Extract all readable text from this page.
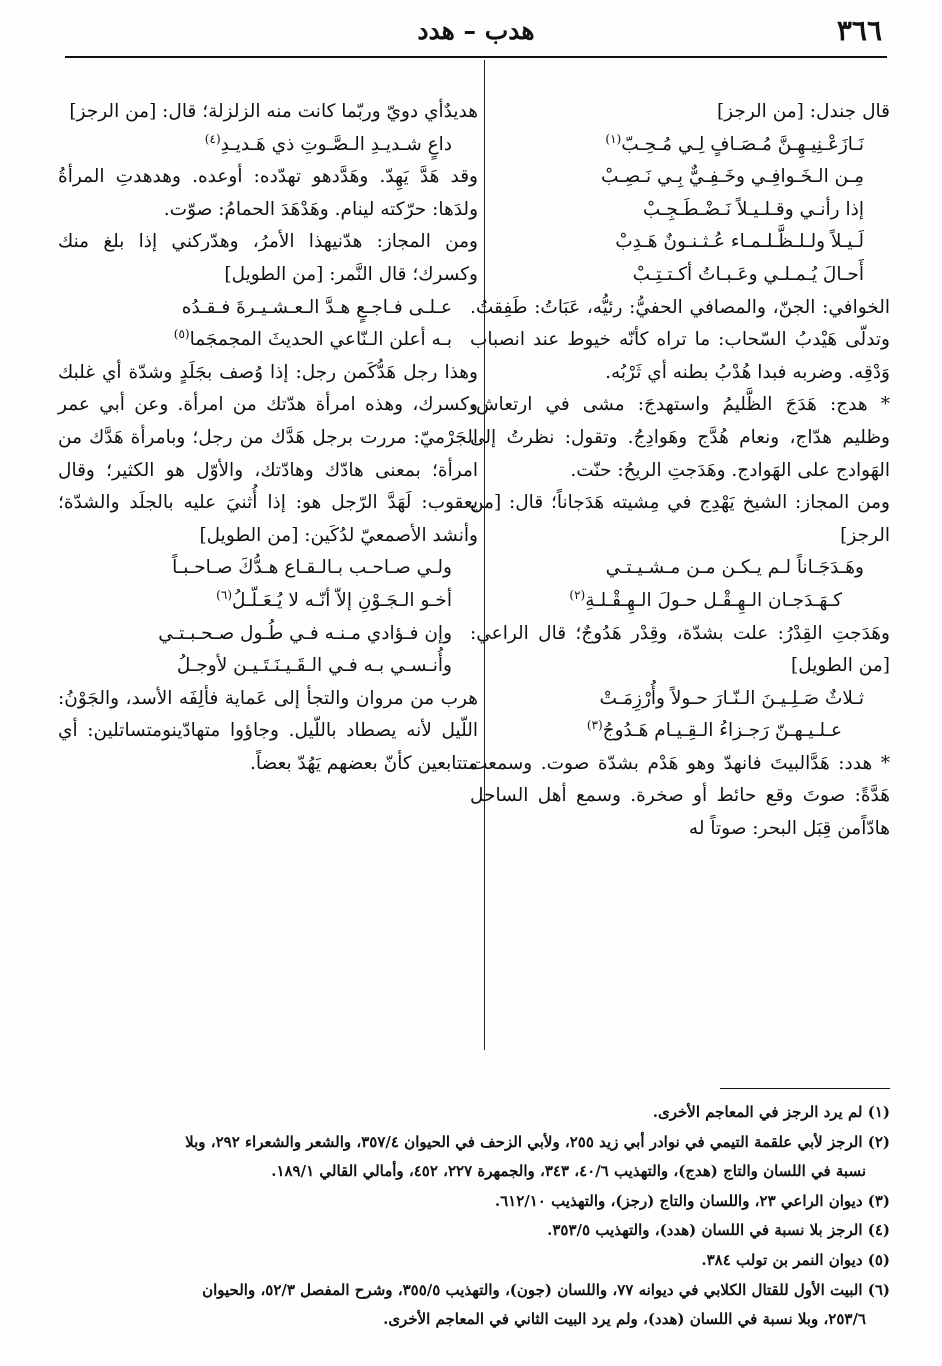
٣٦٦
هدب – هدد

قال جندل: [من الرجز]

نَـازَعْـنِيـهِـنَّ مُـصَـافٍ لِـي مُـحِـبّ$^{(١)}$
مِـن الـخَـوافِـي وخَـفِـيٌّ بِـي نَـصِـبْ
إذا رأنـي وقـلـيـلاً نَـضْـطَـجِـبْ
لَـيـلاً ولـلـظَّـلـمـاء عُـثـنـونٌ هَـدِبْ
أَحـالَ يُـمـلـي وعَـبـاتُ أكـتـتِـبْ

الخوافي: الجنّ، والمصافي الحفيُّ: رئيُّه، عَبَاتُ: طَفِقتُ. وتدلّى هَيْدبُ السّحاب: ما تراه كأنّه خيوط عند انصباب وَدْقِه. وضربه فبدا هُدْبُ بطنه أي ثَرْبُه.

* هدج: هَدَجَ الظَّليمُ واستهدجَ: مشى في ارتعاش، وظليم هدّاج، ونعام هُدَّج وهَوادِجُ. وتقول: نظرتُ إلى الهَوادج على الهَوادج. وهَدَجتِ الريحُ: حنّت.

ومن المجاز: الشيخ يَهْدِج في مِشيته هَدَجاناً؛ قال: [من الرجز]

وهَـدَجَـاناً لـم يـكـن مـن مـشـيـتـي
كـهَـدَجـان الـهِـقْـل حـولَ الـهِـقْـلـةِ$^{(٢)}$

وهَدَجتِ القِدْرُ: علت بشدّة، وقِدْر هَدُوجٌ؛ قال الراعي: [من الطويل]

ثـلاثٌ صَـلِـيـنَ الـنّـارَ حـولاً وأُرْزِمَـتْ
عـلـيـهـنّ رَجـزاءُ الـقِـيـام هَـدُوجُ$^{(٣)}$

* هدد: هَدَّالبيتَ فانهدّ وهو هَدْم بشدّة صوت. وسمعت هَدَّةً: صوتَ وقع حائط أو صخرة. وسمع أهل الساحل هادّاًمن قِبَل البحر: صوتاً له

هديدٌأي دويّ وربّما كانت منه الزلزلة؛ قال: [من الرجز]

داعٍ شـديـدِ الـصَّـوتِ ذي هَـديـدِ$^{(٤)}$

وقد هَدَّ يَهِدّ. وهَدَّدهو تهدّده: أوعده. وهدهدتِ المرأةُ ولدَها: حرّكته لينام. وهَدْهَدَ الحمامُ: صوّت.

ومن المجاز: هدّنيهذا الأمرُ، وهدّركني إذا بلغ منك وكسرك؛ قال النَّمر: [من الطويل]

عـلـى فـاجـعٍ هـدَّ الـعـشـيـرةَ فـقـدُه
بـه أعلن الـنّاعي الحديثَ المجمجَما$^{(٥)}$

وهذا رجل هَدُّكَمن رجل: إذا وُصف بجَلَدٍ وشدّة أي غلبك وكسرك، وهذه امرأة هدّتك من امرأة. وعن أبي عمر الجَرْميّ: مررت برجل هَدَّك من رجل؛ وبامرأة هَدَّك من امرأة؛ بمعنى هادّك وهادّتك، والأوّل هو الكثير؛ وقال يعقوب: لَهَدَّ الرّجل هو: إذا أُثنيَ عليه بالجلَد والشدّة؛ وأنشد الأصمعيّ لدُكَين: [من الطويل]

ولـي صـاحـب بـالـقـاع هـدُّكَ صـاحـبـاً
أخـو الـجَـوْنِ إلاّ أنّـه لا يُـعَـلّـلُ$^{(٦)}$
وإن فـؤادي مـنـه فـي طُـول صـحـبـتـي
وأُنـسـي بـه فـي الـقَـيـنَـتَـيـن لأوجـلُ

هرب من مروان والتجأ إلى عَماية فألِفَه الأسد، والجَوْنُ: اللّيل لأنه يصطاد باللّيل. وجاؤوا متهادّينومتساتلين: أي متتابعين كأنّ بعضهم يَهُدّ بعضاً.

(١) لم يرد الرجز في المعاجم الأخرى.
(٢) الرجز لأبي علقمة التيمي في نوادر أبي زيد ٢٥٥، ولأبي الزحف في الحيوان ٣٥٧/٤، والشعر والشعراء ٢٩٢، وبلا
نسبة في اللسان والتاج (هدج)، والتهذيب ٤٠/٦، ٣٤٣، والجمهرة ٢٢٧، ٤٥٢، وأمالي القالي ١٨٩/١.
(٣) ديوان الراعي ٢٣، واللسان والتاج (رجز)، والتهذيب ٦١٢/١٠.
(٤) الرجز بلا نسبة في اللسان (هدد)، والتهذيب ٣٥٣/٥.
(٥) ديوان النمر بن تولب ٣٨٤.
(٦) البيت الأول للقتال الكلابي في ديوانه ٧٧، واللسان (جون)، والتهذيب ٣٥٥/٥، وشرح المفصل ٥٢/٣، والحيوان
٢٥٣/٦، وبلا نسبة في اللسان (هدد)، ولم يرد البيت الثاني في المعاجم الأخرى.
